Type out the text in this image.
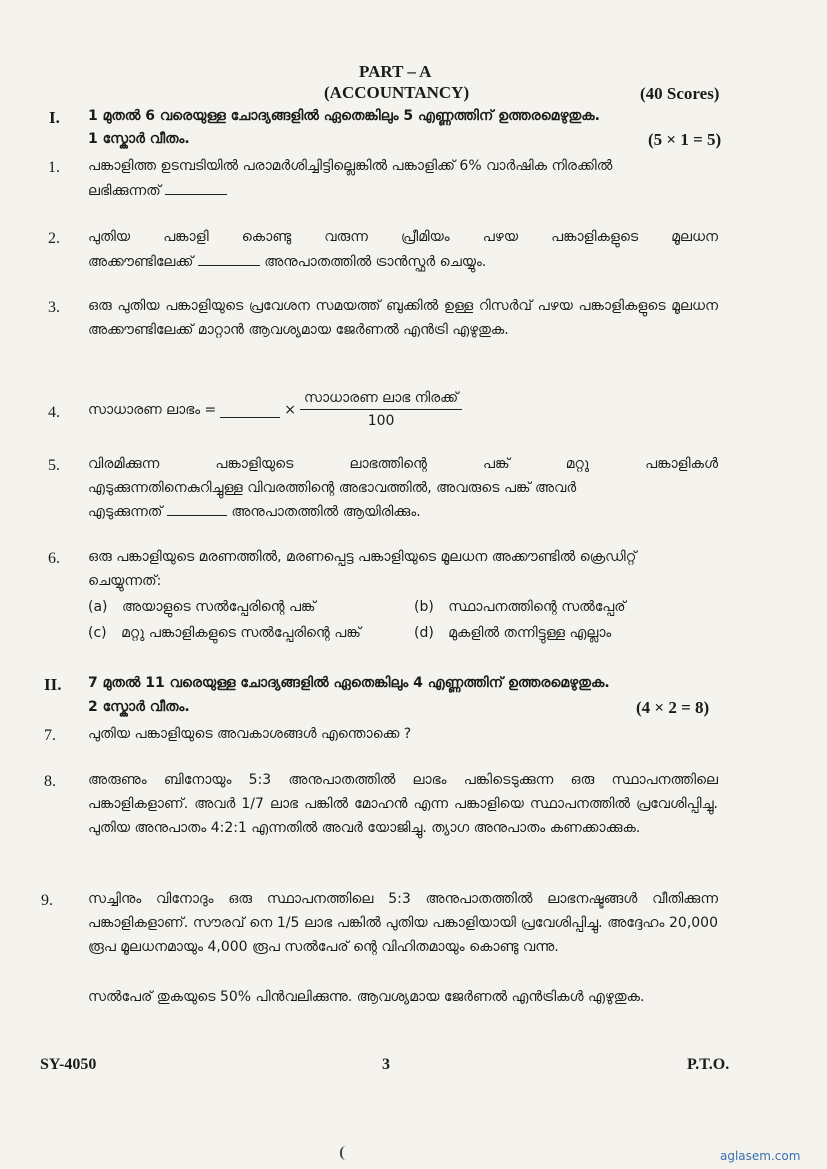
PART – A
(ACCOUNTANCY)	(40 Scores)
I. 1 മുതൽ 6 വരെയുള്ള ചോദ്യങ്ങളിൽ ഏതെങ്കിലും 5 എണ്ണത്തിന് ഉത്തരമെഴുതുക.
1 സ്കോർ വീതം.	(5 × 1 = 5)
1. പങ്കാളിത്ത ഉടമ്പടിയിൽ പരാമർശിച്ചിട്ടില്ലെങ്കിൽ പങ്കാളിക്ക് 6% വാർഷിക നിരക്കിൽ
ലഭിക്കുന്നത്
2. പുതിയ പങ്കാളി കൊണ്ടു വരുന്ന പ്രീമിയം പഴയ പങ്കാളികളുടെ മൂലധന
അക്കൗണ്ടിലേക്ക്	അനുപാതത്തിൽ ട്രാൻസ്ഫർ ചെയ്യും.
3. ഒരു പുതിയ പങ്കാളിയുടെ പ്രവേശന സമയത്ത് ബുക്കിൽ ഉള്ള റിസർവ് പഴയ പങ്കാളികളുടെ മൂലധന അക്കൗണ്ടിലേക്ക് മാറ്റാൻ ആവശ്യമായ ജേർണൽ എൻട്രി എഴുതുക.
4. സാധാരണ ലാഭം =	× $\frac{\text{സാധാരണ ലാഭ നിരക്ക്}}{100}$
5. വിരമിക്കുന്ന പങ്കാളിയുടെ ലാഭത്തിന്റെ പങ്ക് മറ്റു പങ്കാളികൾ
എടുക്കുന്നതിനെകുറിച്ചുള്ള വിവരത്തിന്റെ അഭാവത്തിൽ, അവരുടെ പങ്ക് അവർ
എടുക്കുന്നത്	അനുപാതത്തിൽ ആയിരിക്കും.
6. ഒരു പങ്കാളിയുടെ മരണത്തിൽ, മരണപ്പെട്ട പങ്കാളിയുടെ മൂലധന അക്കൗണ്ടിൽ ക്രെഡിറ്റ്
ചെയ്യുന്നത്:
(a) അയാളുടെ സൽപ്പേരിന്റെ പങ്ക്	(b) സ്ഥാപനത്തിന്റെ സൽപ്പേര്
(c) മറ്റു പങ്കാളികളുടെ സൽപ്പേരിന്റെ പങ്ക്	(d) മുകളിൽ തന്നിട്ടുള്ള എല്ലാം
II. 7 മുതൽ 11 വരെയുള്ള ചോദ്യങ്ങളിൽ ഏതെങ്കിലും 4 എണ്ണത്തിന് ഉത്തരമെഴുതുക.
2 സ്കോർ വീതം.	(4 × 2 = 8)
7. പുതിയ പങ്കാളിയുടെ അവകാശങ്ങൾ എന്തൊക്കെ ?
8. അരുണും ബിനോയും 5:3 അനുപാതത്തിൽ ലാഭം പങ്കിടെടുക്കുന്ന ഒരു സ്ഥാപനത്തിലെ പങ്കാളികളാണ്. അവർ 1/7 ലാഭ പങ്കിൽ മോഹൻ എന്ന പങ്കാളിയെ സ്ഥാപനത്തിൽ പ്രവേശിപ്പിച്ചു. പുതിയ അനുപാതം 4:2:1 എന്നതിൽ അവർ യോജിച്ചു. ത്യാഗ അനുപാതം കണക്കാക്കുക.
9.	സച്ചിനും വിനോദും ഒരു സ്ഥാപനത്തിലെ 5:3 അനുപാതത്തിൽ ലാഭനഷ്ടങ്ങൾ വീതിക്കുന്ന പങ്കാളികളാണ്. സൗരവ് നെ 1/5 ലാഭ പങ്കിൽ പുതിയ പങ്കാളിയായി പ്രവേശിപ്പിച്ചു. അദ്ദേഹം 20,000 രൂപ മൂലധനമായും 4,000 രൂപ സൽപേര് ന്റെ വിഹിതമായും കൊണ്ടു വന്നു.
സൽപേര് തുകയുടെ 50% പിൻവലിക്കുന്നു. ആവശ്യമായ ജേർണൽ എൻട്രികൾ എഴുതുക.
SY-4050	3	P.T.O.
aglasem.com
